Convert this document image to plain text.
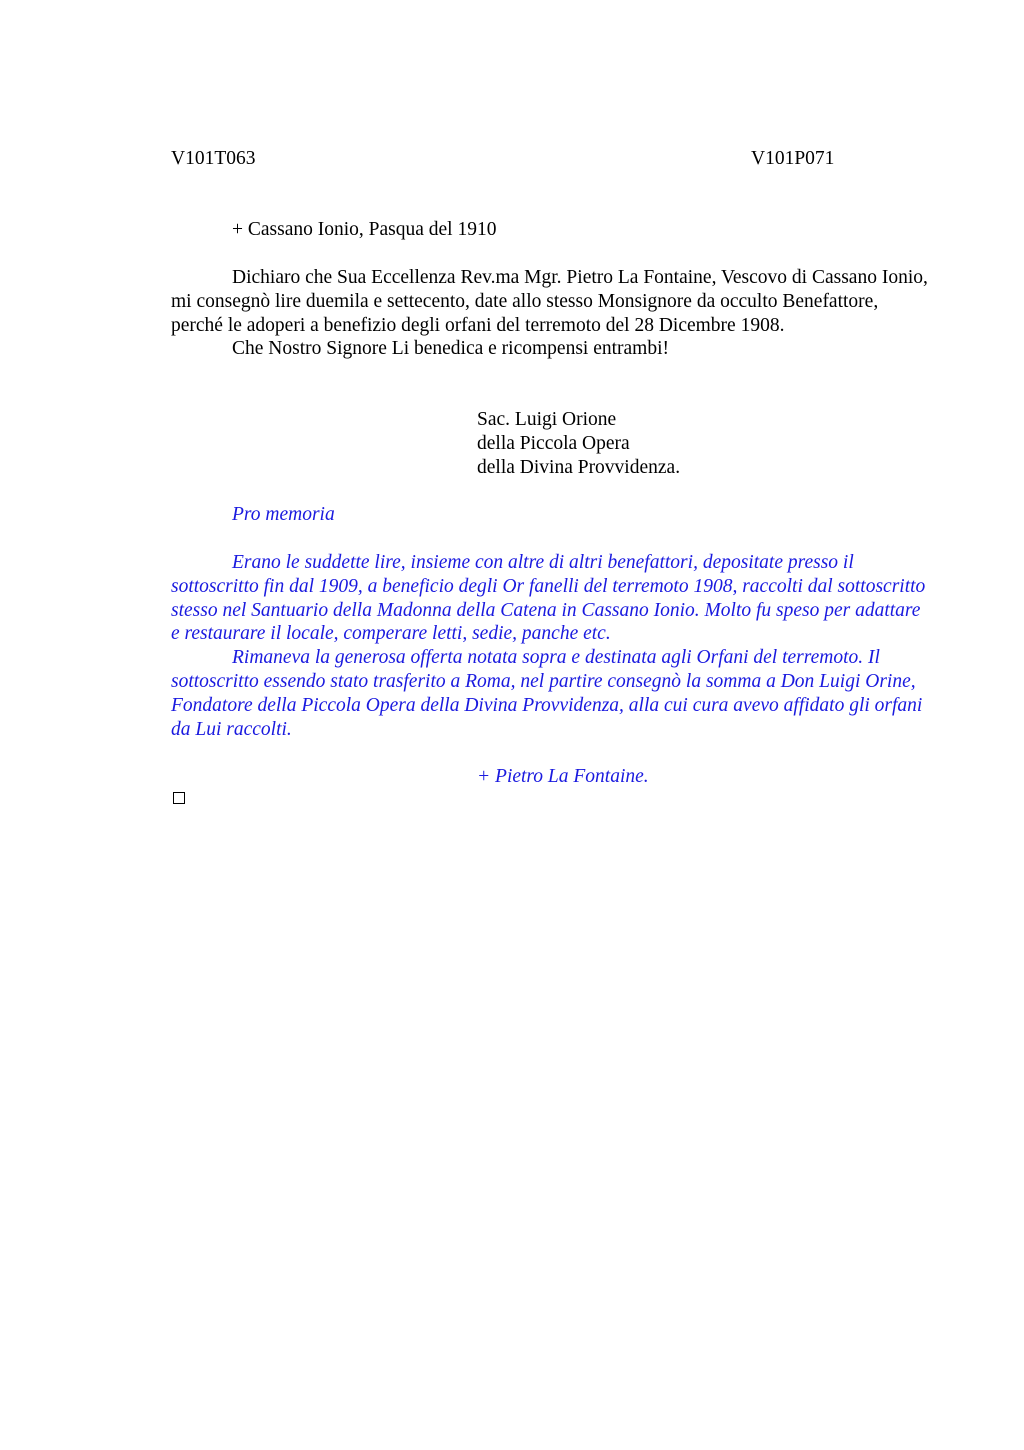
V101T063	V101P071
+ Cassano Ionio, Pasqua del 1910

Dichiaro che Sua Eccellenza Rev.ma Mgr. Pietro La Fontaine, Vescovo di Cassano Ionio, mi consegnò lire duemila e settecento, date allo stesso Monsignore da occulto Benefattore, perché le adoperi a benefizio degli orfani del terremoto del 28 Dicembre 1908.

Che Nostro Signore Li benedica e ricompensi entrambi!

Sac. Luigi Orione
della Piccola Opera
della Divina Provvidenza.
Pro memoria

Erano le suddette lire, insieme con altre di altri benefattori, depositate presso il sottoscritto fin dal 1909, a beneficio degli Or fanelli del terremoto 1908, raccolti dal sottoscritto stesso nel Santuario della Madonna della Catena in Cassano Ionio. Molto fu speso per adattare e restaurare il locale, comperare letti, sedie, panche etc.

Rimaneva la generosa offerta notata sopra e destinata agli Orfani del terremoto. Il sottoscritto essendo stato trasferito a Roma, nel partire consegnò la somma a Don Luigi Orine, Fondatore della Piccola Opera della Divina Provvidenza, alla cui cura avevo affidato gli orfani da Lui raccolti.

+ Pietro La Fontaine.
